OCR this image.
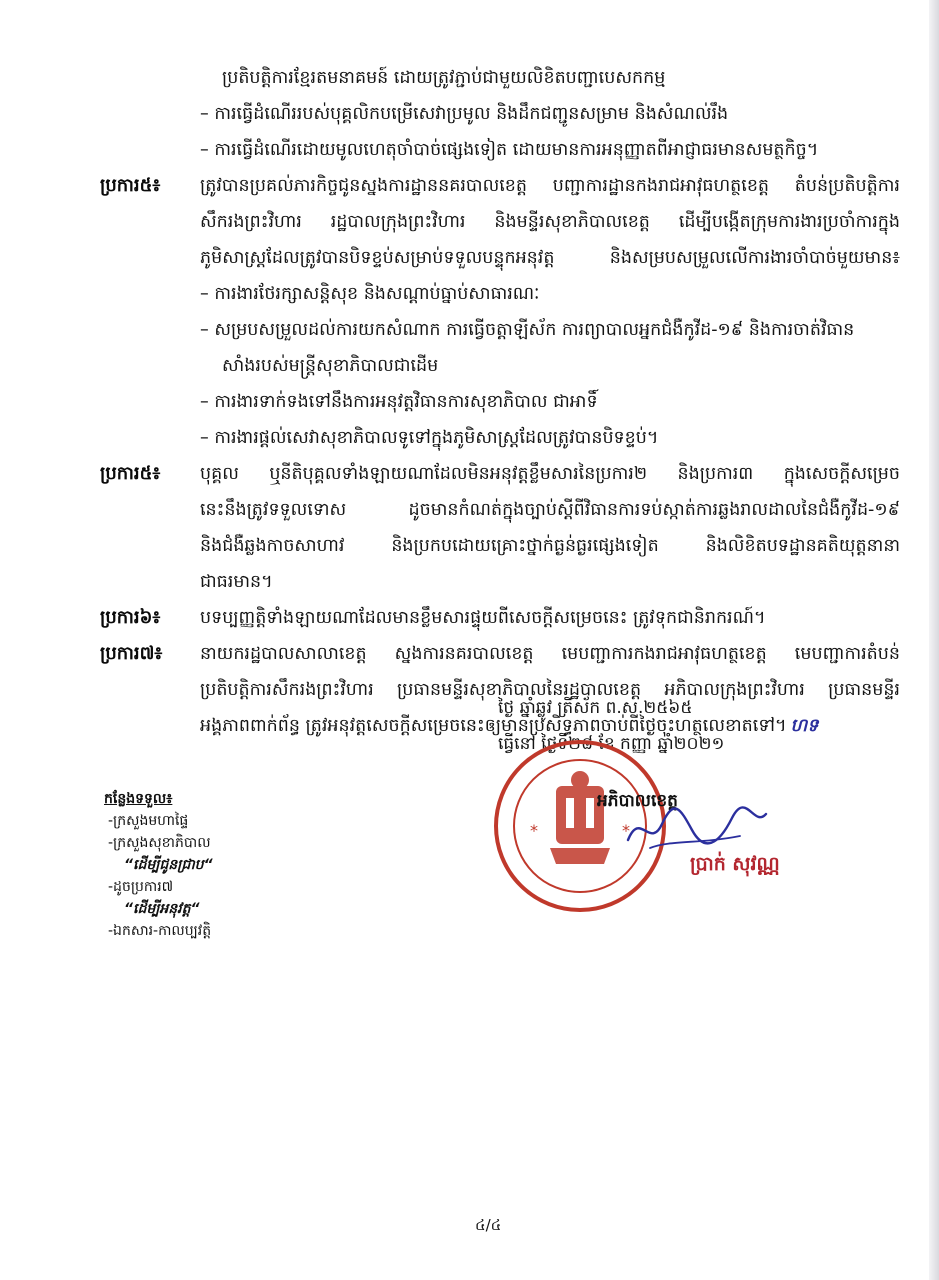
ប្រតិបត្តិការខ្មែរតមនាគមន៍ ដោយត្រូវភ្ជាប់ជាមួយលិខិតបញ្ជាបេសកកម្ម
– ការធ្វើដំណើររបស់បុគ្គលិកបម្រើសេវាប្រមូល និងដឹកជញ្ជូនសម្រាម និងសំណល់រឹង
– ការធ្វើដំណើរដោយមូលហេតុចាំបាច់ផ្សេងទៀត ដោយមានការអនុញ្ញាតពីអាជ្ញាធរមានសមត្ថកិច្ច។
ប្រការ៥៖	ត្រូវបានប្រគល់ភារកិច្ចជូនស្នងការដ្ឋាននគរបាលខេត្ត បញ្ជាការដ្ឋានកងរាជអាវុធហត្ថខេត្ត តំបន់ប្រតិបត្តិការ
សឹករងព្រះវិហារ រដ្ឋបាលក្រុងព្រះវិហារ និងមន្ទីរសុខាភិបាលខេត្ត ដើម្បីបង្កើតក្រុមការងារប្រចាំការក្នុង
ភូមិសាស្ត្រដែលត្រូវបានបិទខ្ទប់សម្រាប់ទទួលបន្ទុកអនុវត្ត និងសម្របសម្រួលលើការងារចាំបាច់មួយមាន៖
– ការងារថែរក្សាសន្តិសុខ និងសណ្តាប់ធ្នាប់សាធារណៈ
– សម្របសម្រួលដល់ការយកសំណាក ការធ្វើចត្តាឡីស័ក ការព្យាបាលអ្នកជំងឺកូវីដ-១៩ និងការចាត់វិធាន
សាំងរបស់មន្ត្រីសុខាភិបាលជាដើម
– ការងារទាក់ទងទៅនឹងការអនុវត្តវិធានការសុខាភិបាល ជាអាទិ៍
– ការងារផ្តល់សេវាសុខាភិបាលទូទៅក្នុងភូមិសាស្ត្រដែលត្រូវបានបិទខ្ទប់។
ប្រការ៥៖	បុគ្គល ឬនីតិបុគ្គលទាំងឡាយណាដែលមិនអនុវត្តខ្លឹមសារនៃប្រការ២ និងប្រការ៣ ក្នុងសេចក្តីសម្រេច
នេះនឹងត្រូវទទួលទោស ដូចមានកំណត់ក្នុងច្បាប់ស្តីពីវិធានការទប់ស្កាត់ការឆ្លងរាលដាលនៃជំងឺកូវីដ-១៩
និងជំងឺឆ្លងកាចសាហាវ និងប្រកបដោយគ្រោះថ្នាក់ធ្ងន់ធ្ងរផ្សេងទៀត និងលិខិតបទដ្ឋានគតិយុត្តនានា
ជាធរមាន។
ប្រការ៦៖	បទប្បញ្ញត្តិទាំងឡាយណាដែលមានខ្លឹមសារផ្ទុយពីសេចក្តីសម្រេចនេះ ត្រូវទុកជានិរាករណ៍។
ប្រការ៧៖	នាយករដ្ឋបាលសាលាខេត្ត ស្នងការនគរបាលខេត្ត មេបញ្ជាការកងរាជអាវុធហត្ថខេត្ត មេបញ្ជាការតំបន់
ប្រតិបត្តិការសឹករងព្រះវិហារ ប្រធានមន្ទីរសុខាភិបាលនៃរដ្ឋបាលខេត្ត អភិបាលក្រុងព្រះវិហារ ប្រធានមន្ទីរ
អង្គភាពពាក់ព័ន្ធ ត្រូវអនុវត្តសេចក្តីសម្រេចនេះឲ្យមានប្រសិទ្ធភាពចាប់ពីថ្ងៃចុះហត្ថលេខាតទៅ។ ហទ
ថ្ងៃ ឆ្នាំឆ្លូវ ត្រីស័ក ព.ស.២៥៦៥
ធ្វើនៅ ថ្ងៃទី២៨ ខែ កញ្ញា ឆ្នាំ២០២១
*	*
អភិបាលខេត្ត
ប្រាក់ សុវណ្ណ
កន្លែងទទួល៖
-ក្រសួងមហាផ្ទៃ
-ក្រសួងសុខាភិបាល
“ដើម្បីជូនជ្រាប“
-ដូចប្រការ៧
“ដើម្បីអនុវត្ត“
-ឯកសារ-កាលប្បវត្តិ
៤/៤
